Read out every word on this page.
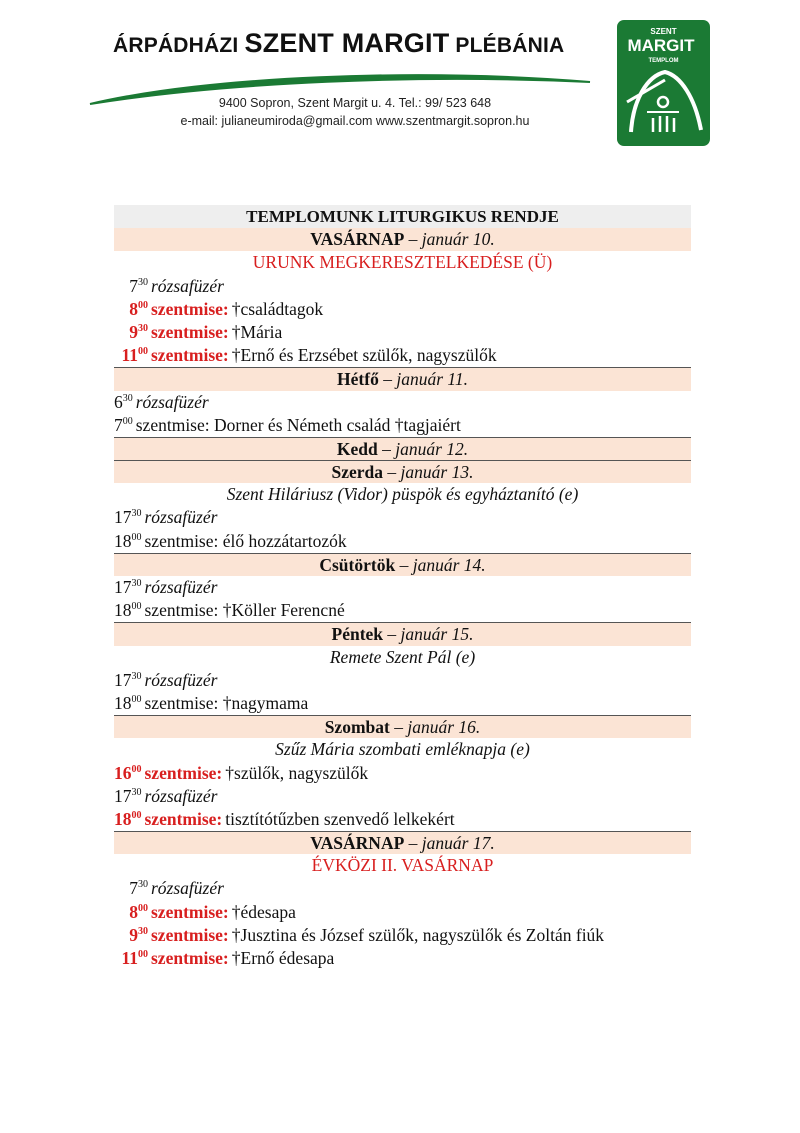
ÁRPÁDHÁZI SZENT MARGIT PLÉBÁNIA
9400 Sopron, Szent Margit u. 4. Tel.: 99/ 523 648
e-mail: julianeumiroda@gmail.com www.szentmargit.sopron.hu
SZENT
MARGIT
TEMPLOM
TEMPLOMUNK LITURGIKUS RENDJE
VASÁRNAP – január 10.
URUNK MEGKERESZTELKEDÉSE (Ü)
$7^{30}$ rózsafüzér
$8^{00}$ szentmise: †családtagok
$9^{30}$ szentmise: †Mária
$11^{00}$ szentmise: †Ernő és Erzsébet szülők, nagyszülők
Hétfő – január 11.
$6^{30}$ rózsafüzér
$7^{00}$ szentmise: Dorner és Németh család †tagjaiért
Kedd – január 12.
Szerda – január 13.
Szent Hiláriusz (Vidor) püspök és egyháztanító (e)
$17^{30}$ rózsafüzér
$18^{00}$ szentmise: élő hozzátartozók
Csütörtök – január 14.
$17^{30}$ rózsafüzér
$18^{00}$ szentmise: †Köller Ferencné
Péntek – január 15.
Remete Szent Pál (e)
$17^{30}$ rózsafüzér
$18^{00}$ szentmise: †nagymama
Szombat – január 16.
Szűz Mária szombati emléknapja (e)
$16^{00}$ szentmise: †szülők, nagyszülők
$17^{30}$ rózsafüzér
$18^{00}$ szentmise: tisztítótűzben szenvedő lelkekért
VASÁRNAP – január 17.
ÉVKÖZI II. VASÁRNAP
$7^{30}$ rózsafüzér
$8^{00}$ szentmise: †édesapa
$9^{30}$ szentmise: †Jusztina és József szülők, nagyszülők és Zoltán fiúk
$11^{00}$ szentmise: †Ernő édesapa
